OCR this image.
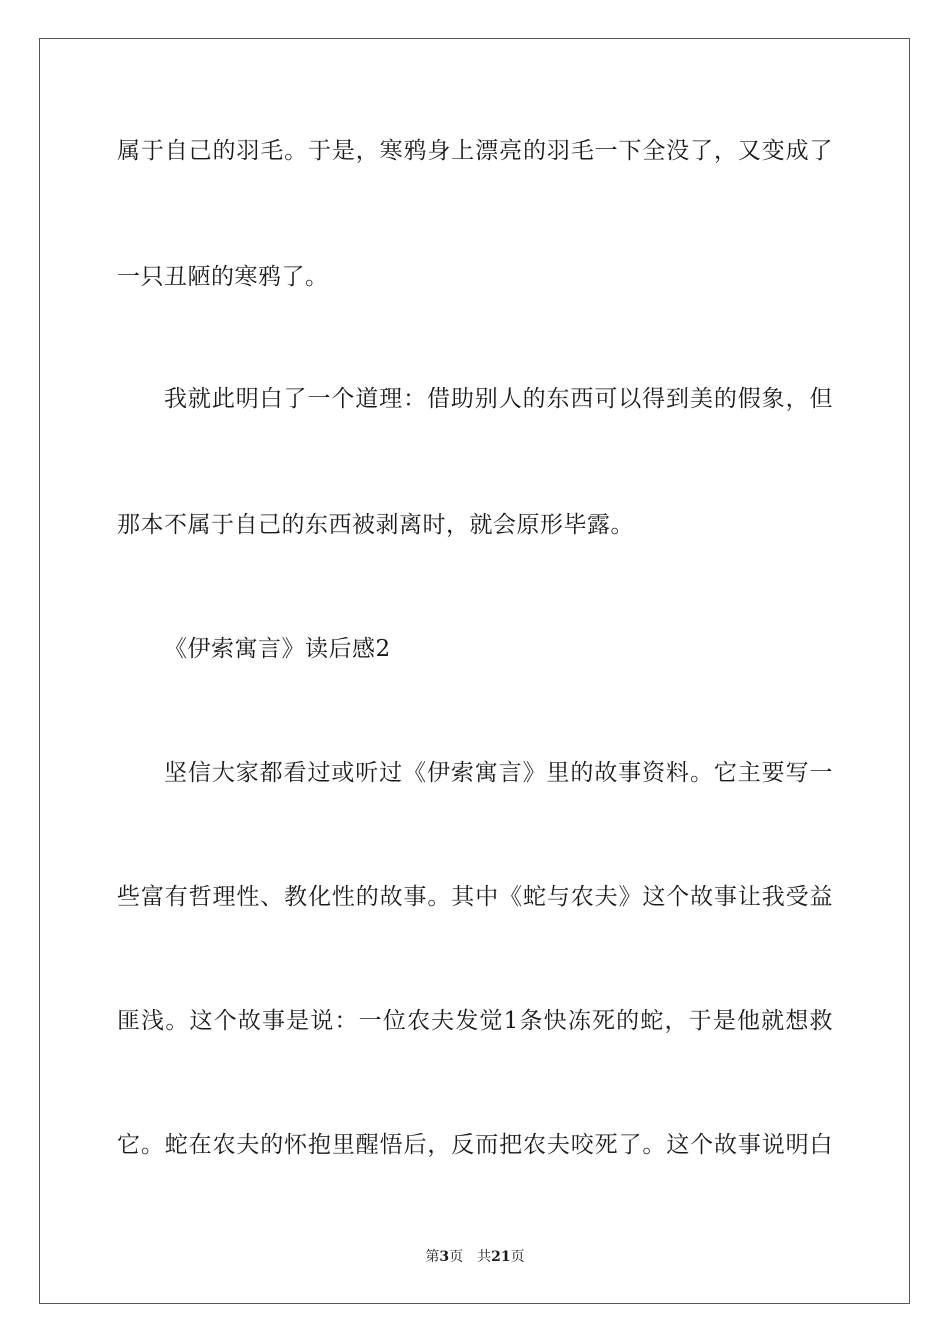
属于自己的羽毛。于是，寒鸦身上漂亮的羽毛一下全没了，又变成了
一只丑陋的寒鸦了。
我就此明白了一个道理：借助别人的东西可以得到美的假象，但
那本不属于自己的东西被剥离时，就会原形毕露。
《伊索寓言》读后感2
坚信大家都看过或听过《伊索寓言》里的故事资料。它主要写一
些富有哲理性、教化性的故事。其中《蛇与农夫》这个故事让我受益
匪浅。这个故事是说：一位农夫发觉1条快冻死的蛇，于是他就想救
它。蛇在农夫的怀抱里醒悟后，反而把农夫咬死了。这个故事说明白
第3页 共21页
